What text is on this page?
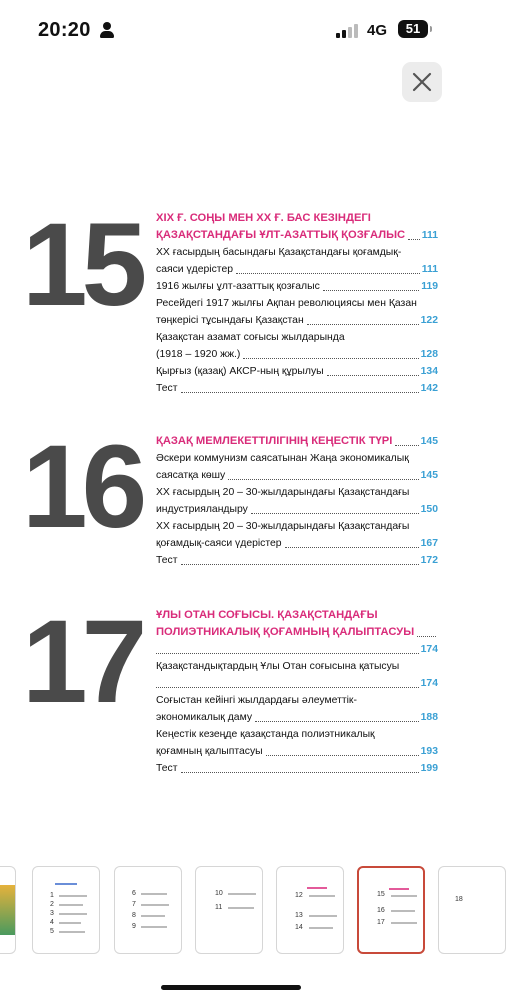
20:20	4G	51
15 XIX Ғ. СОҢЫ МЕН XX Ғ. БАС КЕЗІНДЕГІ
ҚАЗАҚСТАНДАҒЫ ҰЛТ-АЗАТТЫҚ ҚОЗҒАЛЫС 111
XX ғасырдың басындағы Қазақстандағы қоғамдық-
саяси үдерістер	111
1916 жылғы ұлт-азаттық қозғалыс	119
Ресейдегі 1917 жылғы Ақпан революциясы мен Қазан
төңкерісі тұсындағы Қазақстан	122
Қазақстан азамат соғысы жылдарында
(1918 – 1920 жж.)	128
Қырғыз (қазақ) АКСР-ның құрылуы	134
Тест	142
16 ҚАЗАҚ МЕМЛЕКЕТТІЛІГІНІҢ КЕҢЕСТІК ТҮРІ	145
Әскери коммунизм саясатынан Жаңа экономикалық
саясатқа көшу	145
XX ғасырдың 20 – 30-жылдарындағы Қазақстандағы
индустрияландыру	150
XX ғасырдың 20 – 30-жылдарындағы Қазақстандағы
қоғамдық-саяси үдерістер	167
Тест	172
17 ҰЛЫ ОТАН СОҒЫСЫ. ҚАЗАҚСТАНДАҒЫ
ПОЛИЭТНИКАЛЫҚ ҚОҒАМНЫҢ ҚАЛЫПТАСУЫ
174
Қазақстандықтардың Ұлы Отан соғысына қатысуы
174
Соғыстан кейінгі жылдардағы әлеуметтік-
экономикалық даму	188
Кеңестік кезеңде қазақстанда полиэтникалық
қоғамның қалыптасуы	193
Тест	199
1
2
3
4
5
6
7
8
9
10
11
12
13
14
15
16
17
18
